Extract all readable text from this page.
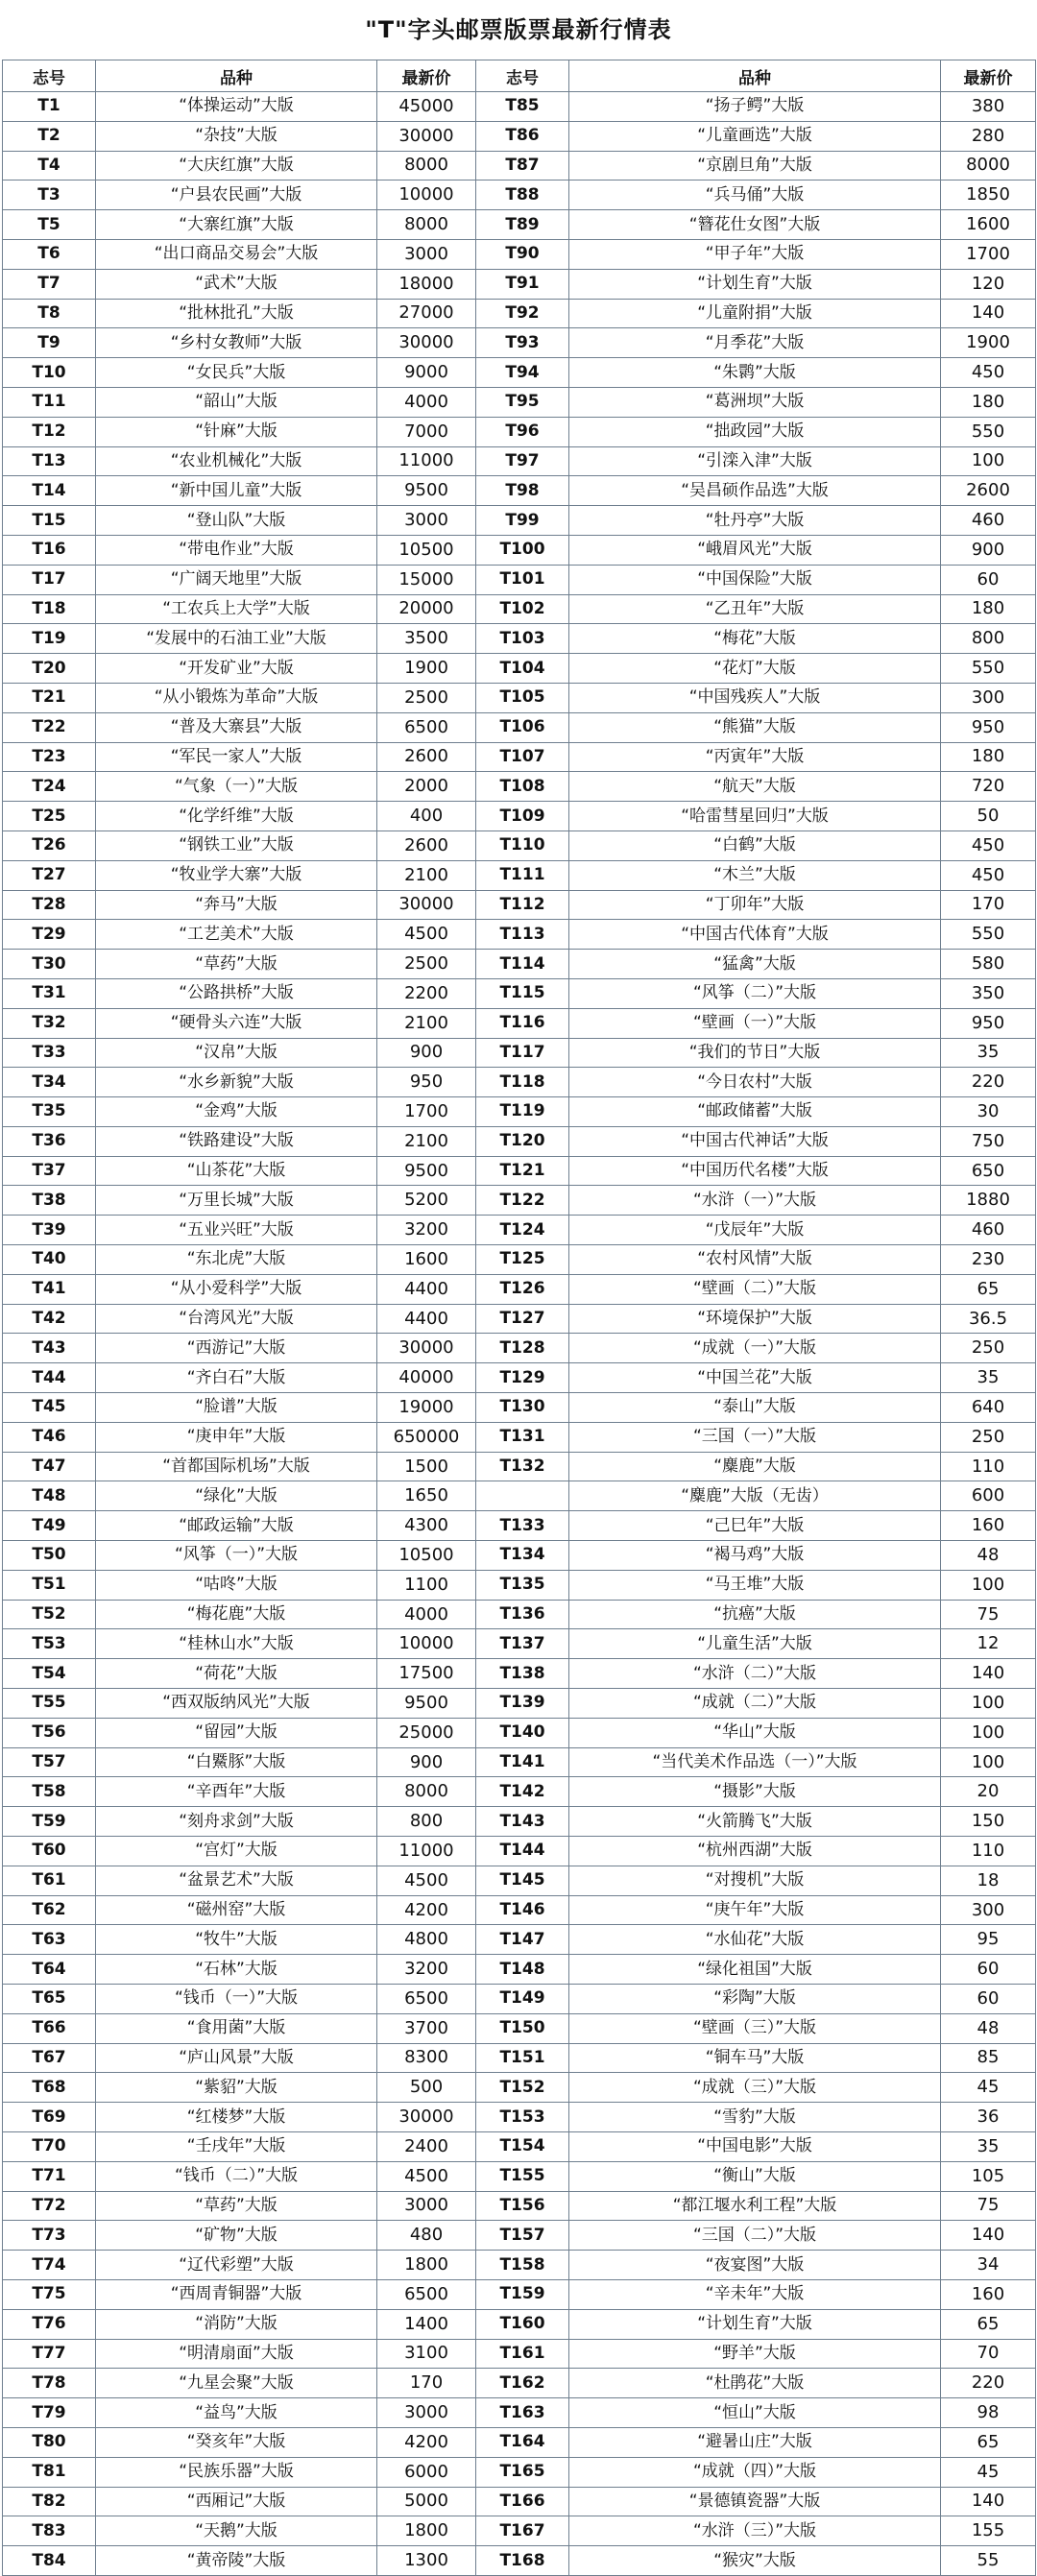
"T"字头邮票版票最新行情表
志号	品种	最新价	志号	品种	最新价
T1	“体操运动”大版	45000	T85	“扬子鳄”大版	380
T2	“杂技”大版	30000	T86	“儿童画选”大版	280
T4	“大庆红旗”大版	8000	T87	“京剧旦角”大版	8000
T3	“户县农民画”大版	10000	T88	“兵马俑”大版	1850
T5	“大寨红旗”大版	8000	T89	“簪花仕女图”大版	1600
T6	“出口商品交易会”大版	3000	T90	“甲子年”大版	1700
T7	“武术”大版	18000	T91	“计划生育”大版	120
T8	“批林批孔”大版	27000	T92	“儿童附捐”大版	140
T9	“乡村女教师”大版	30000	T93	“月季花”大版	1900
T10	“女民兵”大版	9000	T94	“朱鹮”大版	450
T11	“韶山”大版	4000	T95	“葛洲坝”大版	180
T12	“针麻”大版	7000	T96	“拙政园”大版	550
T13	“农业机械化”大版	11000	T97	“引滦入津”大版	100
T14	“新中国儿童”大版	9500	T98	“吴昌硕作品选”大版	2600
T15	“登山队”大版	3000	T99	“牡丹亭”大版	460
T16	“带电作业”大版	10500	T100	“峨眉风光”大版	900
T17	“广阔天地里”大版	15000	T101	“中国保险”大版	60
T18	“工农兵上大学”大版	20000	T102	“乙丑年”大版	180
T19	“发展中的石油工业”大版	3500	T103	“梅花”大版	800
T20	“开发矿业”大版	1900	T104	“花灯”大版	550
T21	“从小锻炼为革命”大版	2500	T105	“中国残疾人”大版	300
T22	“普及大寨县”大版	6500	T106	“熊猫”大版	950
T23	“军民一家人”大版	2600	T107	“丙寅年”大版	180
T24	“气象（一）”大版	2000	T108	“航天”大版	720
T25	“化学纤维”大版	400	T109	“哈雷彗星回归”大版	50
T26	“钢铁工业”大版	2600	T110	“白鹤”大版	450
T27	“牧业学大寨”大版	2100	T111	“木兰”大版	450
T28	“奔马”大版	30000	T112	“丁卯年”大版	170
T29	“工艺美术”大版	4500	T113	“中国古代体育”大版	550
T30	“草药”大版	2500	T114	“猛禽”大版	580
T31	“公路拱桥”大版	2200	T115	“风筝（二）”大版	350
T32	“硬骨头六连”大版	2100	T116	“壁画（一）”大版	950
T33	“汉帛”大版	900	T117	“我们的节日”大版	35
T34	“水乡新貌”大版	950	T118	“今日农村”大版	220
T35	“金鸡”大版	1700	T119	“邮政储蓄”大版	30
T36	“铁路建设”大版	2100	T120	“中国古代神话”大版	750
T37	“山茶花”大版	9500	T121	“中国历代名楼”大版	650
T38	“万里长城”大版	5200	T122	“水浒（一）”大版	1880
T39	“五业兴旺”大版	3200	T124	“戊辰年”大版	460
T40	“东北虎”大版	1600	T125	“农村风情”大版	230
T41	“从小爱科学”大版	4400	T126	“壁画（二）”大版	65
T42	“台湾风光”大版	4400	T127	“环境保护”大版	36.5
T43	“西游记”大版	30000	T128	“成就（一）”大版	250
T44	“齐白石”大版	40000	T129	“中国兰花”大版	35
T45	“脸谱”大版	19000	T130	“泰山”大版	640
T46	“庚申年”大版	650000	T131	“三国（一）”大版	250
T47	“首都国际机场”大版	1500	T132	“麋鹿”大版	110
T48	“绿化”大版	1650		“麋鹿”大版（无齿）	600
T49	“邮政运输”大版	4300	T133	“己巳年”大版	160
T50	“风筝（一）”大版	10500	T134	“褐马鸡”大版	48
T51	“咕咚”大版	1100	T135	“马王堆”大版	100
T52	“梅花鹿”大版	4000	T136	“抗癌”大版	75
T53	“桂林山水”大版	10000	T137	“儿童生活”大版	12
T54	“荷花”大版	17500	T138	“水浒（二）”大版	140
T55	“西双版纳风光”大版	9500	T139	“成就（二）”大版	100
T56	“留园”大版	25000	T140	“华山”大版	100
T57	“白鱀豚”大版	900	T141	“当代美术作品选（一）”大版	100
T58	“辛酉年”大版	8000	T142	“摄影”大版	20
T59	“刻舟求剑”大版	800	T143	“火箭腾飞”大版	150
T60	“宫灯”大版	11000	T144	“杭州西湖”大版	110
T61	“盆景艺术”大版	4500	T145	“对搜机”大版	18
T62	“磁州窑”大版	4200	T146	“庚午年”大版	300
T63	“牧牛”大版	4800	T147	“水仙花”大版	95
T64	“石林”大版	3200	T148	“绿化祖国”大版	60
T65	“钱币（一）”大版	6500	T149	“彩陶”大版	60
T66	“食用菌”大版	3700	T150	“壁画（三）”大版	48
T67	“庐山风景”大版	8300	T151	“铜车马”大版	85
T68	“紫貂”大版	500	T152	“成就（三）”大版	45
T69	“红楼梦”大版	30000	T153	“雪豹”大版	36
T70	“壬戌年”大版	2400	T154	“中国电影”大版	35
T71	“钱币（二）”大版	4500	T155	“衡山”大版	105
T72	“草药”大版	3000	T156	“都江堰水利工程”大版	75
T73	“矿物”大版	480	T157	“三国（二）”大版	140
T74	“辽代彩塑”大版	1800	T158	“夜宴图”大版	34
T75	“西周青铜器”大版	6500	T159	“辛未年”大版	160
T76	“消防”大版	1400	T160	“计划生育”大版	65
T77	“明清扇面”大版	3100	T161	“野羊”大版	70
T78	“九星会聚”大版	170	T162	“杜鹃花”大版	220
T79	“益鸟”大版	3000	T163	“恒山”大版	98
T80	“癸亥年”大版	4200	T164	“避暑山庄”大版	65
T81	“民族乐器”大版	6000	T165	“成就（四）”大版	45
T82	“西厢记”大版	5000	T166	“景德镇瓷器”大版	140
T83	“天鹅”大版	1800	T167	“水浒（三）”大版	155
T84	“黄帝陵”大版	1300	T168	“猴灾”大版	55
